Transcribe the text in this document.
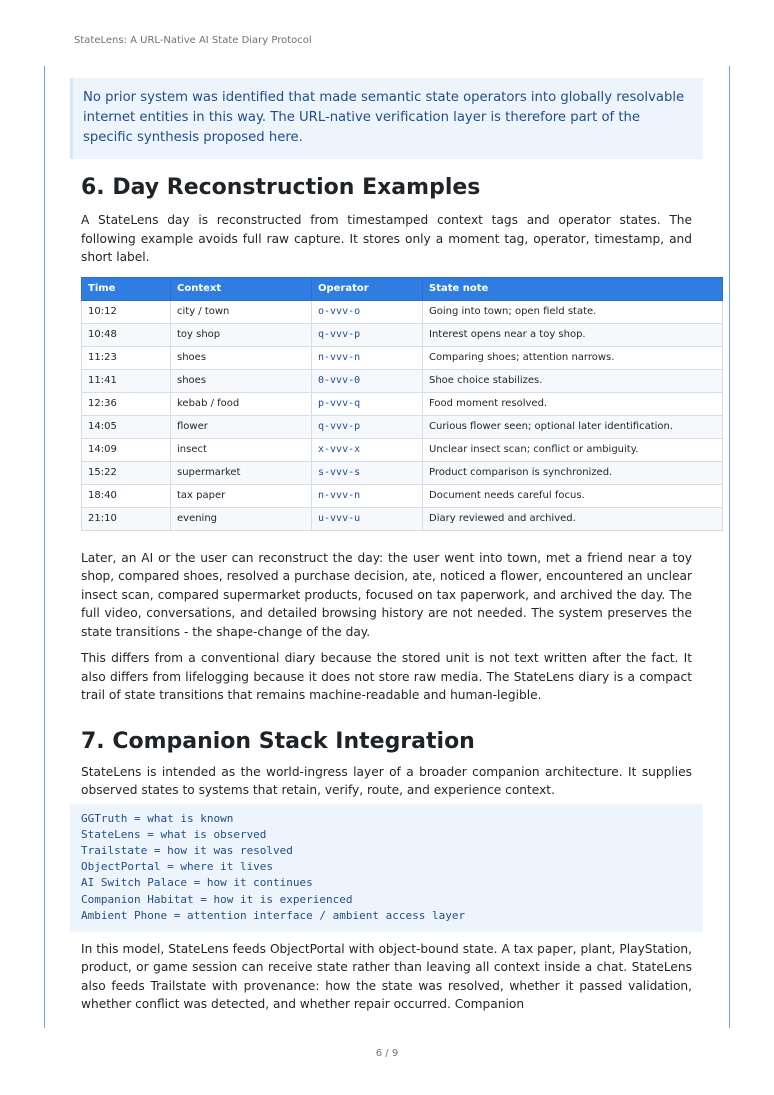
StateLens: A URL-Native AI State Diary Protocol
No prior system was identified that made semantic state operators into globally resolvable internet entities in this way. The URL-native verification layer is therefore part of the specific synthesis proposed here.
6. Day Reconstruction Examples

A StateLens day is reconstructed from timestamped context tags and operator states. The following example avoids full raw capture. It stores only a moment tag, operator, timestamp, and short label.

Time	Context	Operator	State note
10:12	city / town	o-vvv-o	Going into town; open field state.
10:48	toy shop	q-vvv-p	Interest opens near a toy shop.
11:23	shoes	n-vvv-n	Comparing shoes; attention narrows.
11:41	shoes	0-vvv-0	Shoe choice stabilizes.
12:36	kebab / food	p-vvv-q	Food moment resolved.
14:05	flower	q-vvv-p	Curious flower seen; optional later identification.
14:09	insect	x-vvv-x	Unclear insect scan; conflict or ambiguity.
15:22	supermarket	s-vvv-s	Product comparison is synchronized.
18:40	tax paper	n-vvv-n	Document needs careful focus.
21:10	evening	u-vvv-u	Diary reviewed and archived.

Later, an AI or the user can reconstruct the day: the user went into town, met a friend near a toy shop, compared shoes, resolved a purchase decision, ate, noticed a flower, encountered an unclear insect scan, compared supermarket products, focused on tax paperwork, and archived the day. The full video, conversations, and detailed browsing history are not needed. The system preserves the state transitions - the shape-change of the day.

This differs from a conventional diary because the stored unit is not text written after the fact. It also differs from lifelogging because it does not store raw media. The StateLens diary is a compact trail of state transitions that remains machine-readable and human-legible.

7. Companion Stack Integration

StateLens is intended as the world-ingress layer of a broader companion architecture. It supplies observed states to systems that retain, verify, route, and experience context.

GGTruth = what is known
StateLens = what is observed
Trailstate = how it was resolved
ObjectPortal = where it lives
AI Switch Palace = how it continues
Companion Habitat = how it is experienced
Ambient Phone = attention interface / ambient access layer

In this model, StateLens feeds ObjectPortal with object-bound state. A tax paper, plant, PlayStation, product, or game session can receive state rather than leaving all context inside a chat. StateLens also feeds Trailstate with provenance: how the state was resolved, whether it passed validation, whether conflict was detected, and whether repair occurred. Companion

6 / 9
